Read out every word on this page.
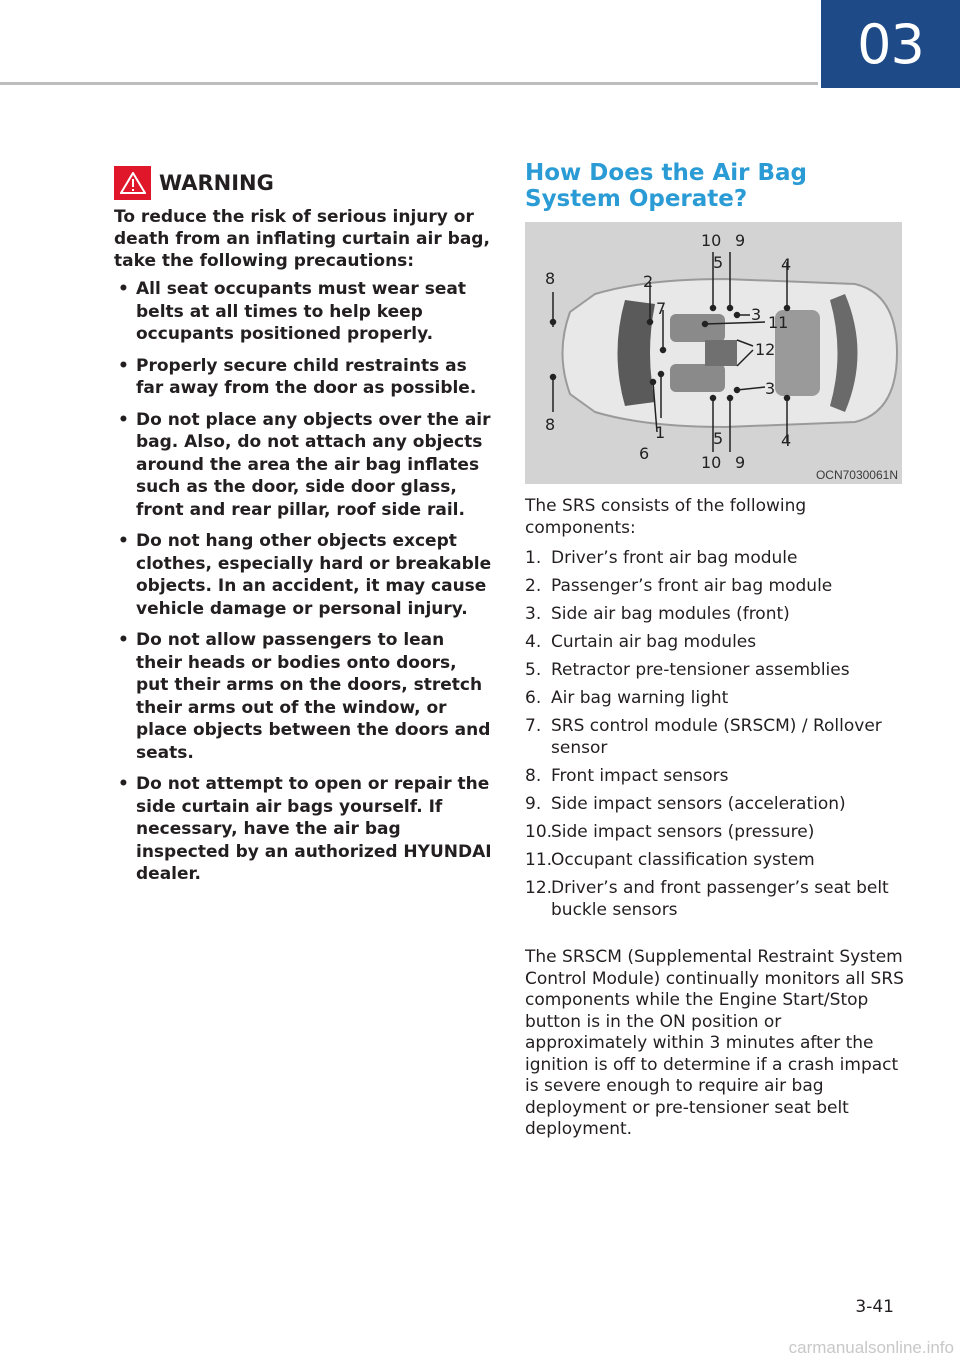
03
WARNING
To reduce the risk of serious injury or death from an inflating curtain air bag, take the following precautions:
• All seat occupants must wear seat belts at all times to help keep occupants positioned properly.
• Properly secure child restraints as far away from the door as possible.
• Do not place any objects over the air bag. Also, do not attach any objects around the area the air bag inflates such as the door, side door glass, front and rear pillar, roof side rail.
• Do not hang other objects except clothes, especially hard or breakable objects. In an accident, it may cause vehicle damage or personal injury.
• Do not allow passengers to lean their heads or bodies onto doors, put their arms on the doors, stretch their arms out of the window, or place objects between the doors and seats.
• Do not attempt to open or repair the side curtain air bags yourself. If necessary, have the air bag inspected by an authorized HYUNDAI dealer.
How Does the Air Bag System Operate?
10 9
5	4
8	2
7	3 11
12
8	1
6
5
3
10 9
4
OCN7030061N
The SRS consists of the following components:
1. Driver’s front air bag module
2. Passenger’s front air bag module
3. Side air bag modules (front)
4. Curtain air bag modules
5. Retractor pre-tensioner assemblies
6. Air bag warning light
7. SRS control module (SRSCM) / Rollover sensor
8. Front impact sensors
9. Side impact sensors (acceleration)
10.
Side impact sensors (pressure)
11.
Occupant classification system
12.
Driver’s and front passenger’s seat belt buckle sensors
The SRSCM (Supplemental Restraint System Control Module) continually monitors all SRS components while the Engine Start/Stop button is in the ON position or approximately within 3 minutes after the ignition is off to determine if a crash impact is severe enough to require air bag deployment or pre-tensioner seat belt deployment.
3-41
carmanualsonline.info
